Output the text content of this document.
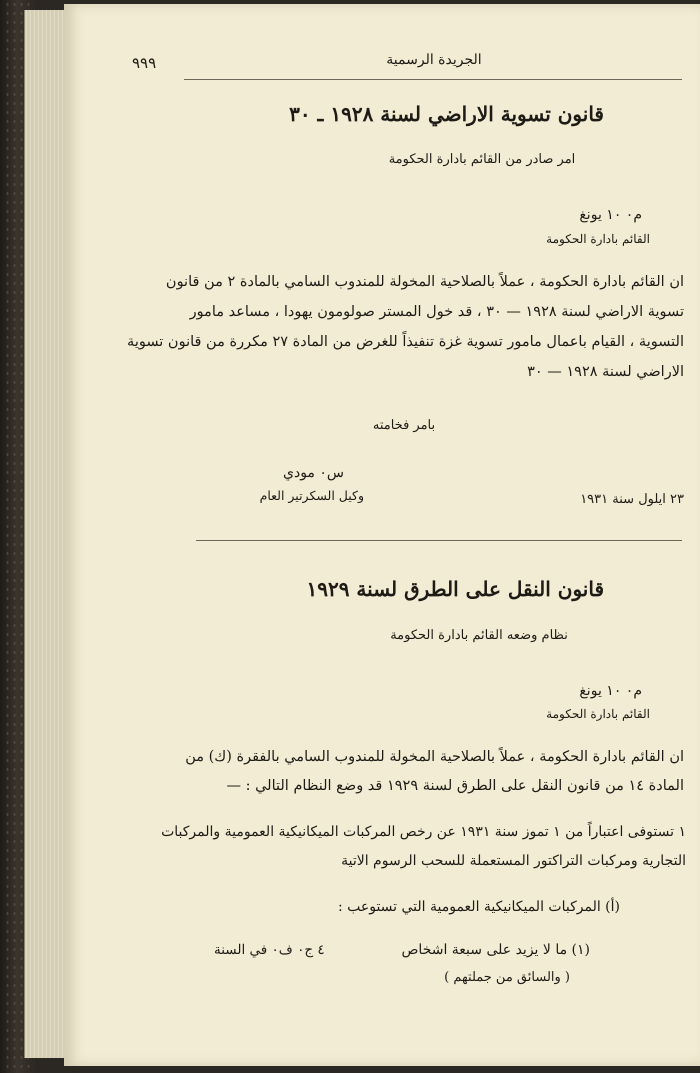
٩٩٩	الجريدة الرسمية
قانون تسوية الاراضي لسنة ١٩٢٨ ـ ٣٠
امر صادر من القائم بادارة الحكومة
م٠ ١٠ يونغ
القائم بادارة الحكومة
ان القائم بادارة الحكومة ، عملاً بالصلاحية المخولة للمندوب السامي بالمادة ٢ من قانون
تسوية الاراضي لسنة ١٩٢٨ — ٣٠ ، قد خول المستر صولومون يهودا ، مساعد مامور
التسوية ، القيام باعمال مامور تسوية غزة تنفيذاً للغرض من المادة ٢٧ مكررة من قانون تسوية
الاراضي لسنة ١٩٢٨ — ٣٠
بامر فخامته
س٠ مودي
وكيل السكرتير العام	٢٣ ايلول سنة ١٩٣١
قانون النقل على الطرق لسنة ١٩٢٩
نظام وضعه القائم بادارة الحكومة
م٠ ١٠ يونغ
القائم بادارة الحكومة
ان القائم بادارة الحكومة ، عملاً بالصلاحية المخولة للمندوب السامي بالفقرة (ك) من
المادة ١٤ من قانون النقل على الطرق لسنة ١٩٢٩ قد وضع النظام التالي : —
١ تستوفى اعتباراً من ١ تموز سنة ١٩٣١ عن رخص المركبات الميكانيكية العمومية والمركبات
التجارية ومركبات التراكتور المستعملة للسحب الرسوم الاتية
(أ) المركبات الميكانيكية العمومية التي تستوعب :
(١) ما لا يزيد على سبعة اشخاص
( والسائق من جملتهم )
٤ ج٠ ف٠ في السنة
